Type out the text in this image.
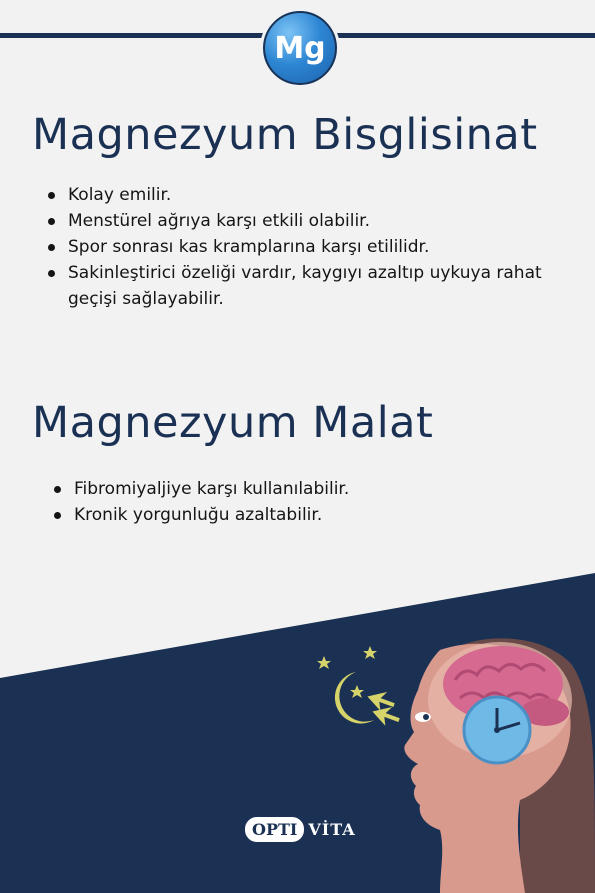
Mg
Magnezyum Bisglisinat
Kolay emilir.
Menstürel ağrıya karşı etkili olabilir.
Spor sonrası kas kramplarına karşı etililidr.
Sakinleştirici özeliği vardır, kaygıyı azaltıp uykuya rahat geçişi sağlayabilir.
Magnezyum Malat
Fibromiyaljiye karşı kullanılabilir.
Kronik yorgunluğu azaltabilir.
OPTI VİTA
